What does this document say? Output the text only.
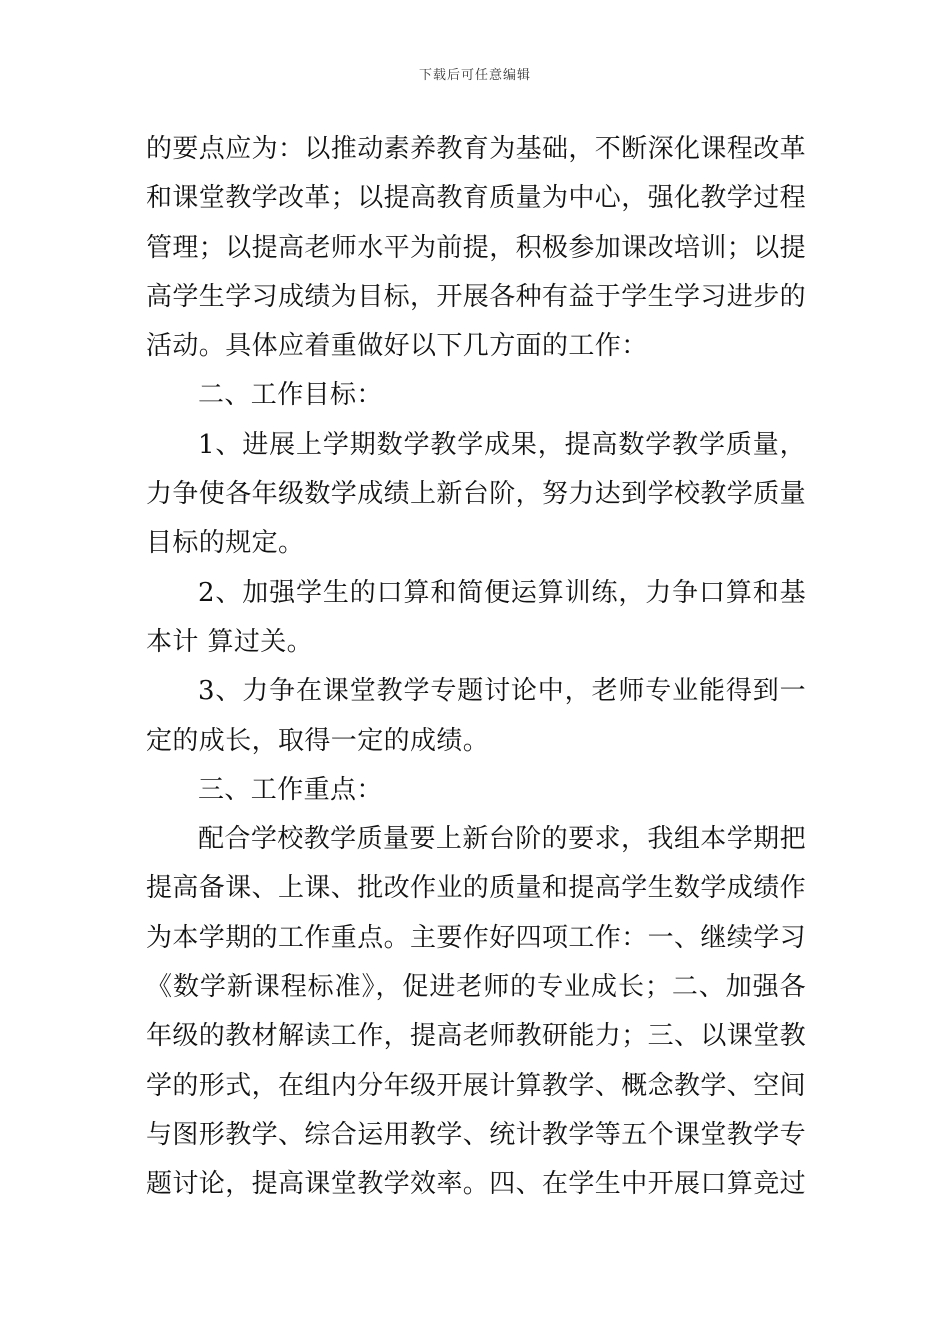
下载后可任意编辑

的要点应为：以推动素养教育为基础，不断深化课程改革和课堂教学改革；以提高教育质量为中心，强化教学过程管理；以提高老师水平为前提，积极参加课改培训；以提高学生学习成绩为目标，开展各种有益于学生学习进步的活动。具体应着重做好以下几方面的工作：

二、工作目标：

1、进展上学期数学教学成果，提高数学教学质量，力争使各年级数学成绩上新台阶，努力达到学校教学质量目标的规定。

2、加强学生的口算和简便运算训练，力争口算和基本计 算过关。

3、力争在课堂教学专题讨论中，老师专业能得到一定的成长，取得一定的成绩。

三、工作重点：

配合学校教学质量要上新台阶的要求，我组本学期把提高备课、上课、批改作业的质量和提高学生数学成绩作为本学期的工作重点。主要作好四项工作：一、继续学习《数学新课程标准》，促进老师的专业成长；二、加强各年级的教材解读工作，提高老师教研能力；三、以课堂教学的形式，在组内分年级开展计算教学、概念教学、空间与图形教学、综合运用教学、统计教学等五个课堂教学专题讨论，提高课堂教学效率。四、在学生中开展口算竞过
